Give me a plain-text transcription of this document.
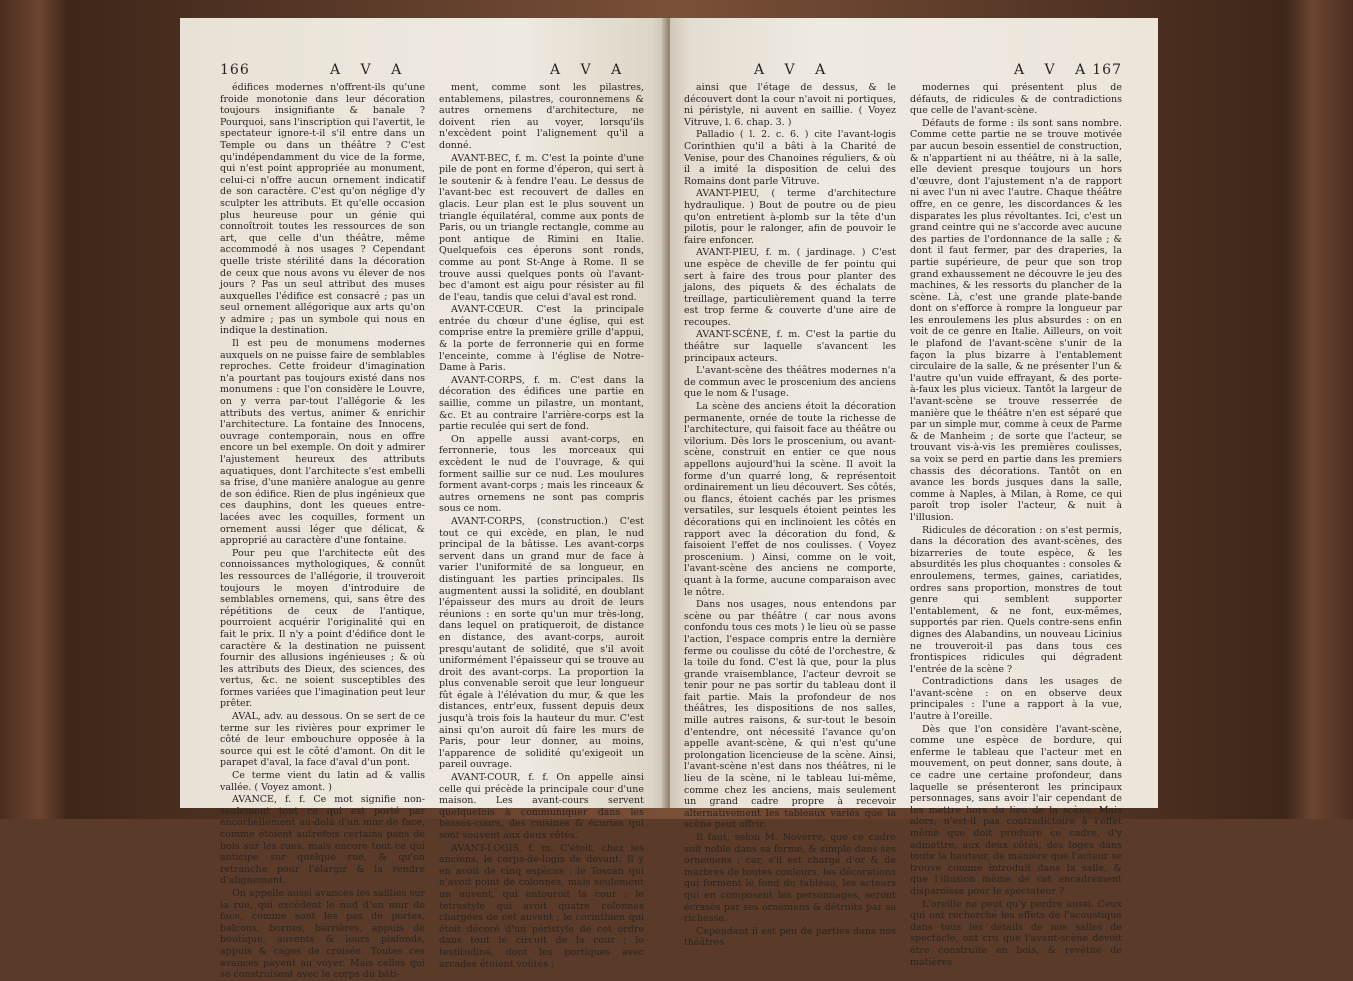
166	A V A	A V A

édifices modernes n'offrent-ils qu'une froide monotonie dans leur décoration toujours insignifiante & banale ? Pourquoi, sans l'inscription qui l'avertit, le spectateur ignore-t-il s'il entre dans un Temple ou dans un théâtre ? C'est qu'indépendamment du vice de la forme, qui n'est point appropriée au monument, celui-ci n'offre aucun ornement indicatif de son caractère. C'est qu'on néglige d'y sculpter les attributs. Et qu'elle occasion plus heureuse pour un génie qui connoîtroit toutes les ressources de son art, que celle d'un théâtre, même accommodé à nos usages ? Cependant quelle triste stérilité dans la décoration de ceux que nous avons vu élever de nos jours ? Pas un seul attribut des muses auxquelles l'édifice est consacré ; pas un seul ornement allégorique aux arts qu'on y admire ; pas un symbole qui nous en indique la destination.

Il est peu de monumens modernes auxquels on ne puisse faire de semblables reproches. Cette froideur d'imagination n'a pourtant pas toujours existé dans nos monumens : que l'on considère le Louvre, on y verra par-tout l'allégorie & les attributs des vertus, animer & enrichir l'architecture. La fontaine des Innocens, ouvrage contemporain, nous en offre encore un bel exemple. On doit y admirer l'ajustement heureux des attributs aquatiques, dont l'architecte s'est embelli sa frise, d'une manière analogue au genre de son édifice. Rien de plus ingénieux que ces dauphins, dont les queues entre-lacées avec les coquilles, forment un ornement aussi léger que délicat, & approprié au caractère d'une fontaine.

Pour peu que l'architecte eût des connoissances mythologiques, & connût les ressources de l'allégorie, il trouveroit toujours le moyen d'introduire de semblables ornemens, qui, sans être des répétitions de ceux de l'antique, pourroient acquérir l'originalité qui en fait le prix. Il n'y a point d'édifice dont le caractère & la destination ne puissent fournir des allusions ingénieuses ; & où les attributs des Dieux, des sciences, des vertus, &c. ne soient susceptibles des formes variées que l'imagination peut leur prêter.

AVAL, adv. au dessous. On se sert de ce terme sur les rivières pour exprimer le côté de leur embouchure opposée à la source qui est le côté d'amont. On dit le parapet d'aval, la face d'aval d'un pont.

Ce terme vient du latin ad & vallis vallée. ( Voyez amont. )

AVANCE, f. f. Ce mot signifie non-seulement tout ce qui est porté par encorbellement au-delà d'un mur de face, comme étoient autrefois certains pans de bois sur les rues, mais encore tout ce qui anticipe sur quelque rue, & qu'on retranche pour l'élargir & la rendre d'alignement.

On appelle aussi avances les saillies sur la rue, qui excèdent le nud d'un mur de face, comme sont les pas de portes, balcons, bornes, barrières, appuis de boutique, auvents & leurs plafonds, appuis & cages de croisée. Toutes ces avances payent au voyer. Mais celles qui se construisent avec le corps du bâti-

ment, comme sont les pilastres, entablemens, pilastres, couronnemens & autres ornemens d'architecture, ne doivent rien au voyer, lorsqu'ils n'excèdent point l'alignement qu'il a donné.

AVANT-BEC, f. m. C'est la pointe d'une pile de pont en forme d'éperon, qui sert à le soutenir & à fendre l'eau. Le dessus de l'avant-bec est recouvert de dalles en glacis. Leur plan est le plus souvent un triangle équilatéral, comme aux ponts de Paris, ou un triangle rectangle, comme au pont antique de Rimini en Italie. Quelquefois ces éperons sont ronds, comme au pont St-Ange à Rome. Il se trouve aussi quelques ponts où l'avant-bec d'amont est aigu pour résister au fil de l'eau, tandis que celui d'aval est rond.

AVANT-CŒUR. C'est la principale entrée du chœur d'une église, qui est comprise entre la première grille d'appui, & la porte de ferronnerie qui en forme l'enceinte, comme à l'église de Notre-Dame à Paris.

AVANT-CORPS, f. m. C'est dans la décoration des édifices une partie en saillie, comme un pilastre, un montant, &c. Et au contraire l'arrière-corps est la partie reculée qui sert de fond.

On appelle aussi avant-corps, en ferronnerie, tous les morceaux qui excèdent le nud de l'ouvrage, & qui forment saillie sur ce nud. Les moulures forment avant-corps ; mais les rinceaux & autres ornemens ne sont pas compris sous ce nom.

AVANT-CORPS, (construction.) C'est tout ce qui excède, en plan, le nud principal de la bâtisse. Les avant-corps servent dans un grand mur de face à varier l'uniformité de sa longueur, en distinguant les parties principales. Ils augmentent aussi la solidité, en doublant l'épaisseur des murs au droit de leurs réunions : en sorte qu'un mur très-long, dans lequel on pratiqueroit, de distance en distance, des avant-corps, auroit presqu'autant de solidité, que s'il avoit uniformément l'épaisseur qui se trouve au droit des avant-corps. La proportion la plus convenable seroit que leur longueur fût égale à l'élévation du mur, & que les distances, entr'eux, fussent depuis deux jusqu'à trois fois la hauteur du mur. C'est ainsi qu'on auroit dû faire les murs de Paris, pour leur donner, au moins, l'apparence de solidité qu'exigeoit un pareil ouvrage.

AVANT-COUR, f. f. On appelle ainsi celle qui précède la principale cour d'une maison. Les avant-cours servent quelquefois à communiquer dans les basses-cours, des cuisines & écuries qui sont souvent aux deux côtés.

AVANT-LOGIS, f. m. C'étoit, chez les anciens, le corps-de-logis de devant. Il y en avoit de cinq espèces : le Toscan qui n'avoit point de colonnes, mais seulement un auvent, qui entouroit la cour ; le tetrastyle qui avoit quatre colonnes chargées de cet auvent ; le corinthien qui étoit décoré d'un péristyle de cet ordre dans tout le circuit de la cour ; le testitudiné, dont les portiques avec arcades étoient voûtés ;

A V A	A V A 167

ainsi que l'étage de dessus, & le découvert dont la cour n'avoit ni portiques, ni péristyle, ni auvent en saillie. ( Voyez Vitruve, l. 6. chap. 3. )

Palladio ( l. 2. c. 6. ) cite l'avant-logis Corinthien qu'il a bâti à la Charité de Venise, pour des Chanoines réguliers, & où il a imité la disposition de celui des Romains dont parle Vitruve.

AVANT-PIEU, ( terme d'architecture hydraulique. ) Bout de poutre ou de pieu qu'on entretient à-plomb sur la tête d'un pilotis, pour le ralonger, afin de pouvoir le faire enfoncer.

AVANT-PIEU, f. m. ( jardinage. ) C'est une espèce de cheville de fer pointu qui sert à faire des trous pour planter des jalons, des piquets & des échalats de treillage, particulièrement quand la terre est trop ferme & couverte d'une aire de recoupes.

AVANT-SCÈNE, f. m. C'est la partie du théâtre sur laquelle s'avancent les principaux acteurs.

L'avant-scène des théâtres modernes n'a de commun avec le proscenium des anciens que le nom & l'usage.

La scène des anciens étoit la décoration permanente, ornée de toute la richesse de l'architecture, qui faisoit face au théâtre ou vilorium. Dès lors le proscenium, ou avant-scène, construit en entier ce que nous appellons aujourd'hui la scène. Il avoit la forme d'un quarré long, & représentoit ordinairement un lieu découvert. Ses côtés, ou flancs, étoient cachés par les prismes versatiles, sur lesquels étoient peintes les décorations qui en inclinoient les côtés en rapport avec la décoration du fond, & faisoient l'effet de nos coulisses. ( Voyez proscenium. ) Ainsi, comme on le voit, l'avant-scène des anciens ne comporte, quant à la forme, aucune comparaison avec le nôtre.

Dans nos usages, nous entendons par scène ou par théâtre ( car nous avons confondu tous ces mots ) le lieu où se passe l'action, l'espace compris entre la dernière ferme ou coulisse du côté de l'orchestre, & la toile du fond. C'est là que, pour la plus grande vraisemblance, l'acteur devroit se tenir pour ne pas sortir du tableau dont il fait partie. Mais la profondeur de nos théâtres, les dispositions de nos salles, mille autres raisons, & sur-tout le besoin d'entendre, ont nécessité l'avance qu'on appelle avant-scène, & qui n'est qu'une prolongation licencieuse de la scène. Ainsi, l'avant-scène n'est dans nos théâtres, ni le lieu de la scène, ni le tableau lui-même, comme chez les anciens, mais seulement un grand cadre propre à recevoir alternativement les tableaux variés que la scène peut offrir.

Il faut, selon M. Noverre, que ce cadre soit noble dans sa forme, & simple dans ses ornemens ; car, s'il est chargé d'or & de marbres de toutes couleurs, les décorations qui forment le fond du tableau, les acteurs qui en composent les personnages, seront écrasés par ses ornemens & détruits par sa richesse.

Cependant il est peu de parties dans nos théâtres

modernes qui présentent plus de défauts, de ridicules & de contradictions que celle de l'avant-scène.

Défauts de forme : ils sont sans nombre. Comme cette partie ne se trouve motivée par aucun besoin essentiel de construction, & n'appartient ni au théâtre, ni à la salle, elle devient presque toujours un hors d'œuvre, dont l'ajustement n'a de rapport ni avec l'un ni avec l'autre. Chaque théâtre offre, en ce genre, les discordances & les disparates les plus révoltantes. Ici, c'est un grand ceintre qui ne s'accorde avec aucune des parties de l'ordonnance de la salle ; & dont il faut fermer, par des draperies, la partie supérieure, de peur que son trop grand exhaussement ne découvre le jeu des machines, & les ressorts du plancher de la scène. Là, c'est une grande plate-bande dont on s'efforce à rompre la longueur par les enroulemens les plus absurdes : on en voit de ce genre en Italie. Ailleurs, on voit le plafond de l'avant-scène s'unir de la façon la plus bizarre à l'entablement circulaire de la salle, & ne présenter l'un & l'autre qu'un vuide effrayant, & des porte-à-faux les plus vicieux. Tantôt la largeur de l'avant-scène se trouve resserrée de manière que le théâtre n'en est séparé que par un simple mur, comme à ceux de Parme & de Manheim ; de sorte que l'acteur, se trouvant vis-à-vis les premières coulisses, sa voix se perd en partie dans les premiers chassis des décorations. Tantôt on en avance les bords jusques dans la salle, comme à Naples, à Milan, à Rome, ce qui paroît trop isoler l'acteur, & nuit à l'illusion.

Ridicules de décoration : on s'est permis, dans la décoration des avant-scènes, des bizarreries de toute espèce, & les absurdités les plus choquantes : consoles & enroulemens, termes, gaines, cariatides, ordres sans proportion, monstres de tout genre qui semblent supporter l'entablement, & ne font, eux-mêmes, supportés par rien. Quels contre-sens enfin dignes des Alabandins, un nouveau Licinius ne trouveroit-il pas dans tous ces frontispices ridicules qui dégradent l'entrée de la scène ?

Contradictions dans les usages de l'avant-scène : on en observe deux principales : l'une a rapport à la vue, l'autre à l'oreille.

Dès que l'on considère l'avant-scène, comme une espèce de bordure, qui enferme le tableau que l'acteur met en mouvement, on peut donner, sans doute, à ce cadre une certaine profondeur, dans laquelle se présenteront les principaux personnages, sans avoir l'air cependant de les mettre hors du lieu de la scène. Mais alors, n'est-il pas contradictoire à l'effet même que doit produire ce cadre, d'y admettre, aux deux côtés, des loges dans toute la hauteur, de manière que l'acteur se trouve comme introduit dans la salle, & que l'illusion même de cet encadrement disparoisse pour le spectateur ?

L'oreille ne peut qu'y perdre aussi. Ceux qui ont recherché les effets de l'acoustique dans tous les détails de nos salles de spectacle, ont cru que l'avant-scène devoit être construite en bois, & revêtue de matières
